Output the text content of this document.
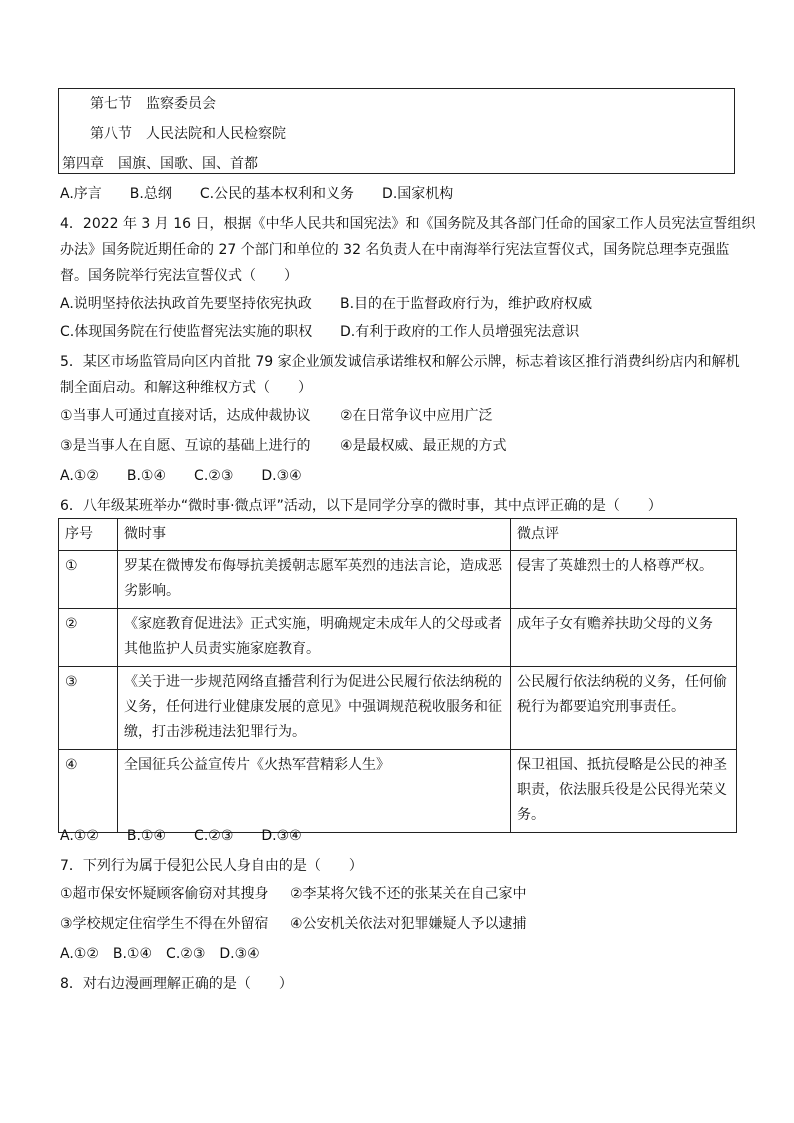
第七节　监察委员会
第八节　人民法院和人民检察院
第四章　国旗、国歌、国、首都
A.序言　　B.总纲　　C.公民的基本权利和义务　　D.国家机构
4．2022 年 3 月 16 日，根据《中华人民共和国宪法》和《国务院及其各部门任命的国家工作人员宪法宣誓组织
办法》国务院近期任命的 27 个部门和单位的 32 名负责人在中南海举行宪法宣誓仪式，国务院总理李克强监
督。国务院举行宪法宣誓仪式（　　）
A.说明坚持依法执政首先要坚持依宪执政 B.目的在于监督政府行为，维护政府权威
C.体现国务院在行使监督宪法实施的职权 D.有利于政府的工作人员增强宪法意识
5．某区市场监管局向区内首批 79 家企业颁发诚信承诺维权和解公示牌，标志着该区推行消费纠纷店内和解机
制全面启动。和解这种维权方式（　　）
①当事人可通过直接对话，达成仲裁协议 ②在日常争议中应用广泛
③是当事人在自愿、互谅的基础上进行的 ④是最权威、最正规的方式
A.①②　　B.①④　　C.②③　　D.③④
6．八年级某班举办“微时事·微点评”活动，以下是同学分享的微时事，其中点评正确的是（　　）
序号	微时事	微点评
①	罗某在微博发布侮辱抗美援朝志愿军英烈的违法言论，造成恶劣影响。	侵害了英雄烈士的人格尊严权。
②	《家庭教育促进法》正式实施，明确规定未成年人的父母或者其他监护人员责实施家庭教育。	成年子女有赡养扶助父母的义务
③	《关于进一步规范网络直播营利行为促进公民履行依法纳税的义务，任何进行业健康发展的意见》中强调规范税收服务和征缴，打击涉税违法犯罪行为。	公民履行依法纳税的义务，任何偷税行为都要追究刑事责任。
④	全国征兵公益宣传片《火热军营精彩人生》	保卫祖国、抵抗侵略是公民的神圣职责，依法服兵役是公民得光荣义务。
A.①②　　B.①④　　C.②③　　D.③④
7．下列行为属于侵犯公民人身自由的是（　　）
①超市保安怀疑顾客偷窃对其搜身 ②李某将欠钱不还的张某关在自己家中
③学校规定住宿学生不得在外留宿 ④公安机关依法对犯罪嫌疑人予以逮捕
A.①②　B.①④　C.②③　D.③④
8．对右边漫画理解正确的是（　　）
